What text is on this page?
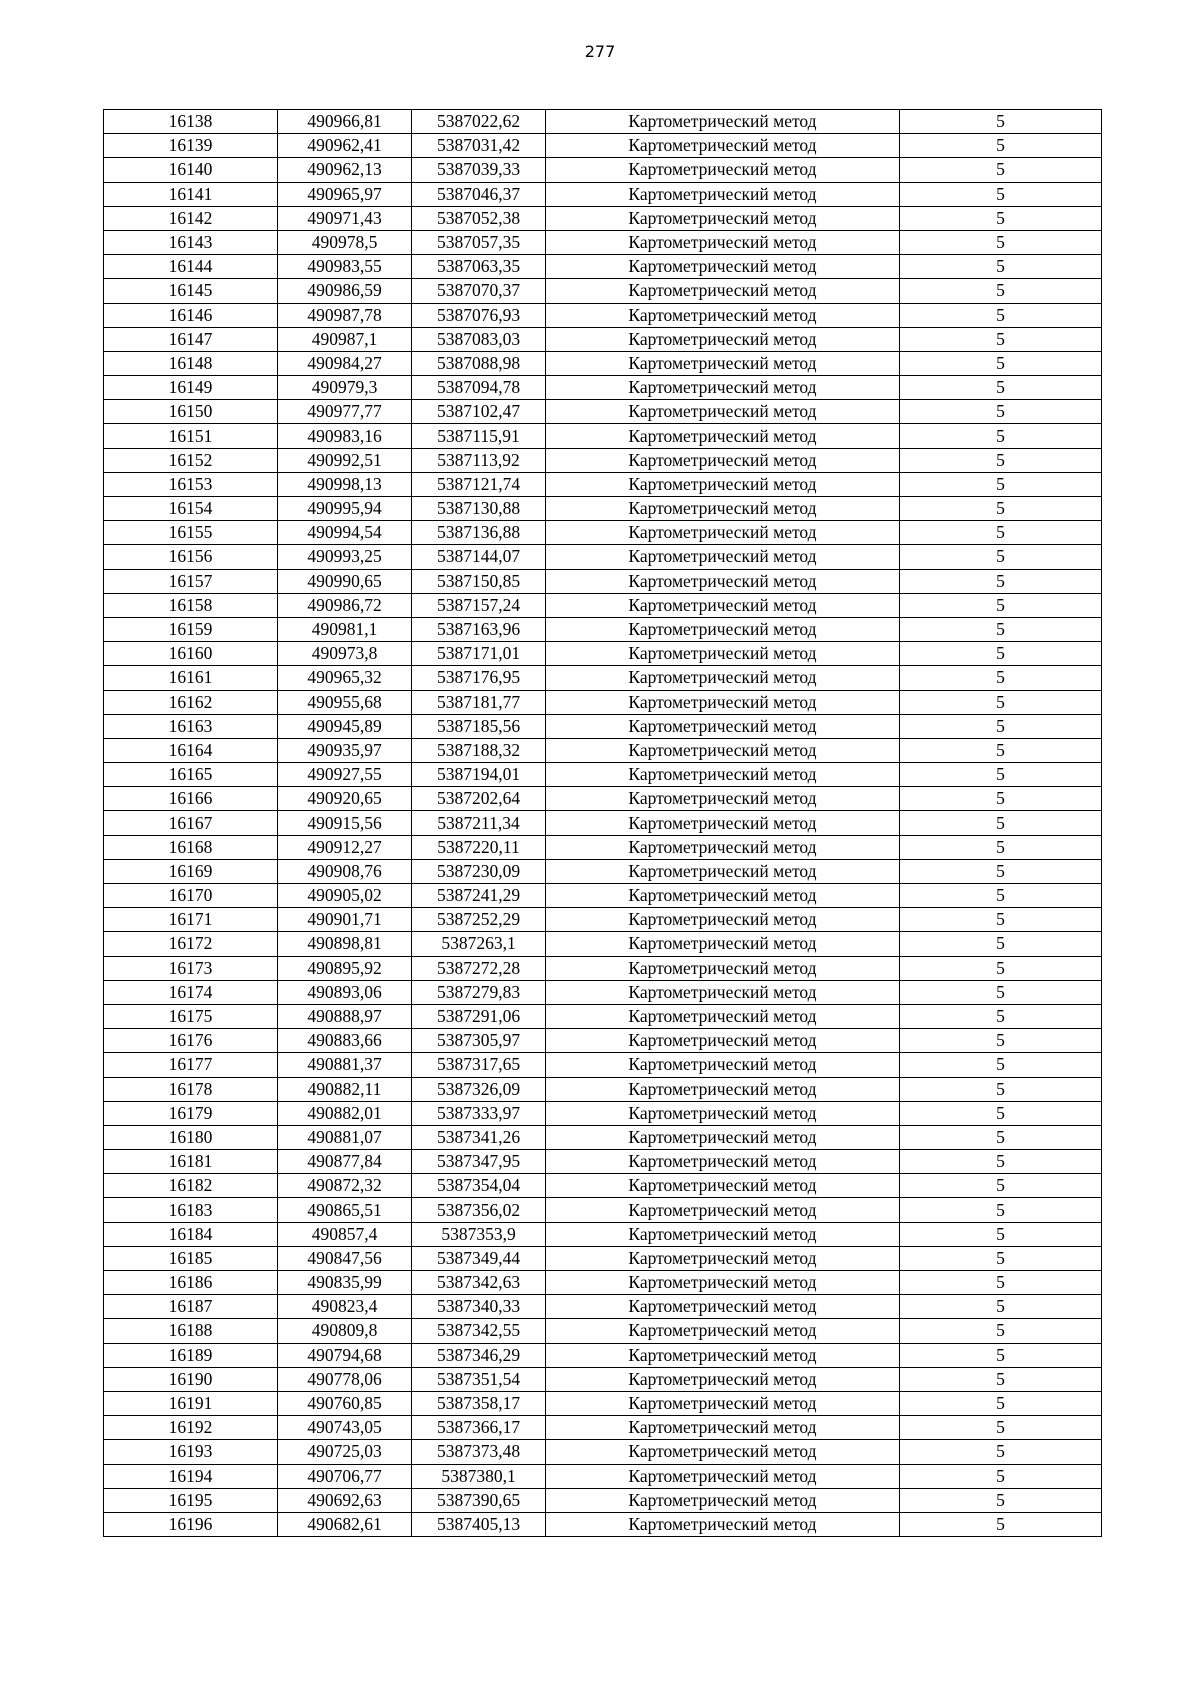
277
16138	490966,81	5387022,62	Картометрический метод	5
16139	490962,41	5387031,42	Картометрический метод	5
16140	490962,13	5387039,33	Картометрический метод	5
16141	490965,97	5387046,37	Картометрический метод	5
16142	490971,43	5387052,38	Картометрический метод	5
16143	490978,5	5387057,35	Картометрический метод	5
16144	490983,55	5387063,35	Картометрический метод	5
16145	490986,59	5387070,37	Картометрический метод	5
16146	490987,78	5387076,93	Картометрический метод	5
16147	490987,1	5387083,03	Картометрический метод	5
16148	490984,27	5387088,98	Картометрический метод	5
16149	490979,3	5387094,78	Картометрический метод	5
16150	490977,77	5387102,47	Картометрический метод	5
16151	490983,16	5387115,91	Картометрический метод	5
16152	490992,51	5387113,92	Картометрический метод	5
16153	490998,13	5387121,74	Картометрический метод	5
16154	490995,94	5387130,88	Картометрический метод	5
16155	490994,54	5387136,88	Картометрический метод	5
16156	490993,25	5387144,07	Картометрический метод	5
16157	490990,65	5387150,85	Картометрический метод	5
16158	490986,72	5387157,24	Картометрический метод	5
16159	490981,1	5387163,96	Картометрический метод	5
16160	490973,8	5387171,01	Картометрический метод	5
16161	490965,32	5387176,95	Картометрический метод	5
16162	490955,68	5387181,77	Картометрический метод	5
16163	490945,89	5387185,56	Картометрический метод	5
16164	490935,97	5387188,32	Картометрический метод	5
16165	490927,55	5387194,01	Картометрический метод	5
16166	490920,65	5387202,64	Картометрический метод	5
16167	490915,56	5387211,34	Картометрический метод	5
16168	490912,27	5387220,11	Картометрический метод	5
16169	490908,76	5387230,09	Картометрический метод	5
16170	490905,02	5387241,29	Картометрический метод	5
16171	490901,71	5387252,29	Картометрический метод	5
16172	490898,81	5387263,1	Картометрический метод	5
16173	490895,92	5387272,28	Картометрический метод	5
16174	490893,06	5387279,83	Картометрический метод	5
16175	490888,97	5387291,06	Картометрический метод	5
16176	490883,66	5387305,97	Картометрический метод	5
16177	490881,37	5387317,65	Картометрический метод	5
16178	490882,11	5387326,09	Картометрический метод	5
16179	490882,01	5387333,97	Картометрический метод	5
16180	490881,07	5387341,26	Картометрический метод	5
16181	490877,84	5387347,95	Картометрический метод	5
16182	490872,32	5387354,04	Картометрический метод	5
16183	490865,51	5387356,02	Картометрический метод	5
16184	490857,4	5387353,9	Картометрический метод	5
16185	490847,56	5387349,44	Картометрический метод	5
16186	490835,99	5387342,63	Картометрический метод	5
16187	490823,4	5387340,33	Картометрический метод	5
16188	490809,8	5387342,55	Картометрический метод	5
16189	490794,68	5387346,29	Картометрический метод	5
16190	490778,06	5387351,54	Картометрический метод	5
16191	490760,85	5387358,17	Картометрический метод	5
16192	490743,05	5387366,17	Картометрический метод	5
16193	490725,03	5387373,48	Картометрический метод	5
16194	490706,77	5387380,1	Картометрический метод	5
16195	490692,63	5387390,65	Картометрический метод	5
16196	490682,61	5387405,13	Картометрический метод	5
